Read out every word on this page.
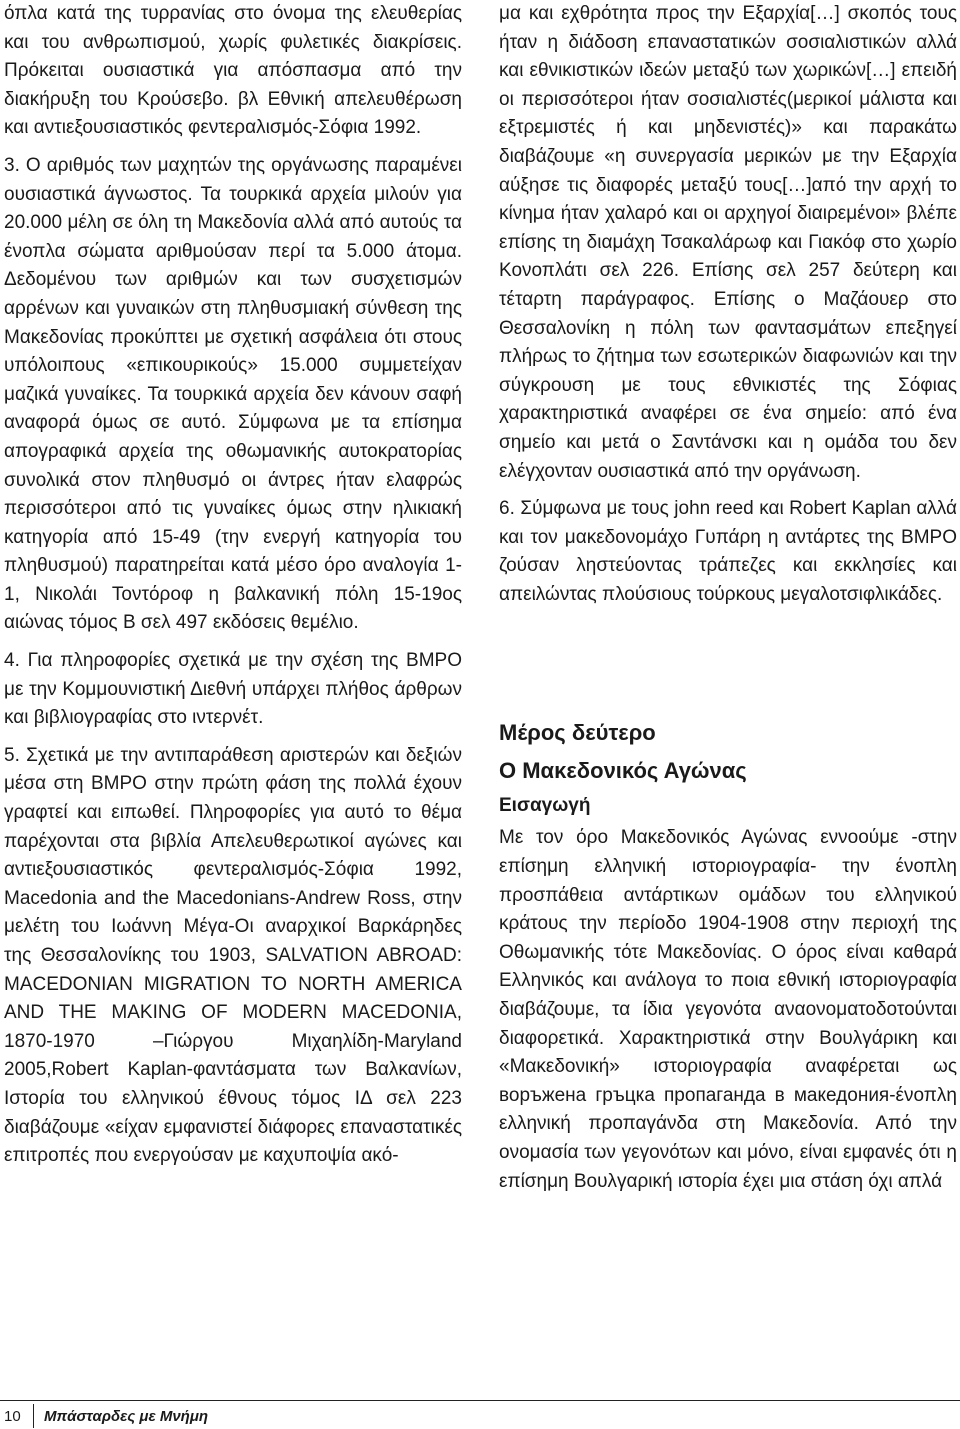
όπλα κατά της τυρρανίας στο όνομα της ελευθερίας και του ανθρωπισμού, χωρίς φυλετικές διακρίσεις. Πρόκειται ουσιαστικά για απόσπασμα από την διακήρυξη του Κρούσεβο. βλ Εθνική απελευθέρωση και αντιεξουσιαστικός φεντεραλισμός-Σόφια 1992.

3. Ο αριθμός των μαχητών της οργάνωσης παραμένει ουσιαστικά άγνωστος. Τα τουρκικά αρχεία μιλούν για 20.000 μέλη σε όλη τη Μακεδονία αλλά από αυτούς τα ένοπλα σώματα αριθμούσαν περί τα 5.000 άτομα. Δεδομένου των αριθμών και των συσχετισμών αρρένων και γυναικών στη πληθυσμιακή σύνθεση της Μακεδονίας προκύπτει με σχετική ασφάλεια ότι στους υπόλοιπους «επικουρικούς» 15.000 συμμετείχαν μαζικά γυναίκες. Τα τουρκικά αρχεία δεν κάνουν σαφή αναφορά όμως σε αυτό. Σύμφωνα με τα επίσημα απογραφικά αρχεία της οθωμανικής αυτοκρατορίας συνολικά στον πληθυσμό οι άντρες ήταν ελαφρώς περισσότεροι από τις γυναίκες όμως στην ηλικιακή κατηγορία από 15-49 (την ενεργή κατηγορία του πληθυσμού) παρατηρείται κατά μέσο όρο αναλογία 1-1, Νικολάι Τοντόροφ η βαλκανική πόλη 15-19ος αιώνας τόμος Β σελ 497 εκδόσεις θεμέλιο.

4. Για πληροφορίες σχετικά με την σχέση της ΒΜΡΟ με την Κομμουνιστική Διεθνή υπάρχει πλήθος άρθρων και βιβλιογραφίας στο ιντερνέτ.

5. Σχετικά με την αντιπαράθεση αριστερών και δεξιών μέσα στη ΒΜΡΟ στην πρώτη φάση της πολλά έχουν γραφτεί και ειπωθεί. Πληροφορίες για αυτό το θέμα παρέχονται στα βιβλία Απελευθερωτικοί αγώνες και αντιεξουσιαστικός φεντεραλισμός-Σόφια 1992, Macedonia and the Macedonians-Andrew Ross, στην μελέτη του Ιωάννη Μέγα-Οι αναρχικοί Βαρκάρηδες της Θεσσαλονίκης του 1903, SALVATION ABROAD: MACEDONIAN MIGRATION TO NORTH AMERICA AND THE MAKING OF MODERN MACEDONIA, 1870-1970 –Γιώργου Μιχαηλίδη-Maryland 2005,Robert Kaplan-φαντάσματα των Βαλκανίων, Ιστορία του ελληνικού έθνους τόμος ΙΔ σελ 223 διαβάζουμε «είχαν εμφανιστεί διάφορες επαναστατικές επιτροπές που ενεργούσαν με καχυποψία ακό-

μα και εχθρότητα προς την Εξαρχία[…] σκοπός τους ήταν η διάδοση επαναστατικών σοσιαλιστικών αλλά και εθνικιστικών ιδεών μεταξύ των χωρικών[…] επειδή οι περισσότεροι ήταν σοσιαλιστές(μερικοί μάλιστα και εξτρεμιστές ή και μηδενιστές)» και παρακάτω διαβάζουμε «η συνεργασία μερικών με την Εξαρχία αύξησε τις διαφορές μεταξύ τους[…]από την αρχή το κίνημα ήταν χαλαρό και οι αρχηγοί διαιρεμένοι» βλέπε επίσης τη διαμάχη Τσακαλάρωφ και Γιακόφ στο χωρίο Κονοπλάτι σελ 226. Επίσης σελ 257 δεύτερη και τέταρτη παράγραφος. Επίσης ο Μαζάουερ στο Θεσσαλονίκη η πόλη των φαντασμάτων επεξηγεί πλήρως το ζήτημα των εσωτερικών διαφωνιών και την σύγκρουση με τους εθνικιστές της Σόφιας χαρακτηριστικά αναφέρει σε ένα σημείο: από ένα σημείο και μετά ο Σαντάνσκι και η ομάδα του δεν ελέγχονταν ουσιαστικά από την οργάνωση.

6. Σύμφωνα με τους john reed και Robert Kaplan αλλά και τον μακεδονομάχο Γυπάρη η αντάρτες της ΒΜΡΟ ζούσαν ληστεύοντας τράπεζες και εκκλησίες και απειλώντας πλούσιους τούρκους μεγαλοτσιφλικάδες.

Μέρος δεύτερο
Ο Μακεδονικός Αγώνας
Εισαγωγή

Με τον όρο Μακεδονικός Αγώνας εννοούμε -στην επίσημη ελληνική ιστοριογραφία- την ένοπλη προσπάθεια αντάρτικων ομάδων του ελληνικού κράτους την περίοδο 1904-1908 στην περιοχή της Οθωμανικής τότε Μακεδονίας. Ο όρος είναι καθαρά Ελληνικός και ανάλογα το ποια εθνική ιστοριογραφία διαβάζουμε, τα ίδια γεγονότα αναονοματοδοτούνται διαφορετικά. Χαρακτηριστικά στην Βουλγάρικη και «Μακεδονική» ιστοριογραφία αναφέρεται ως воръжена гръцка пропаганда в македония-ένοπλη ελληνική προπαγάνδα στη Μακεδονία. Από την ονομασία των γεγονότων και μόνο, είναι εμφανές ότι η επίσημη Βουλγαρική ιστορία έχει μια στάση όχι απλά

10 Μπάσταρδες με Μνήμη
